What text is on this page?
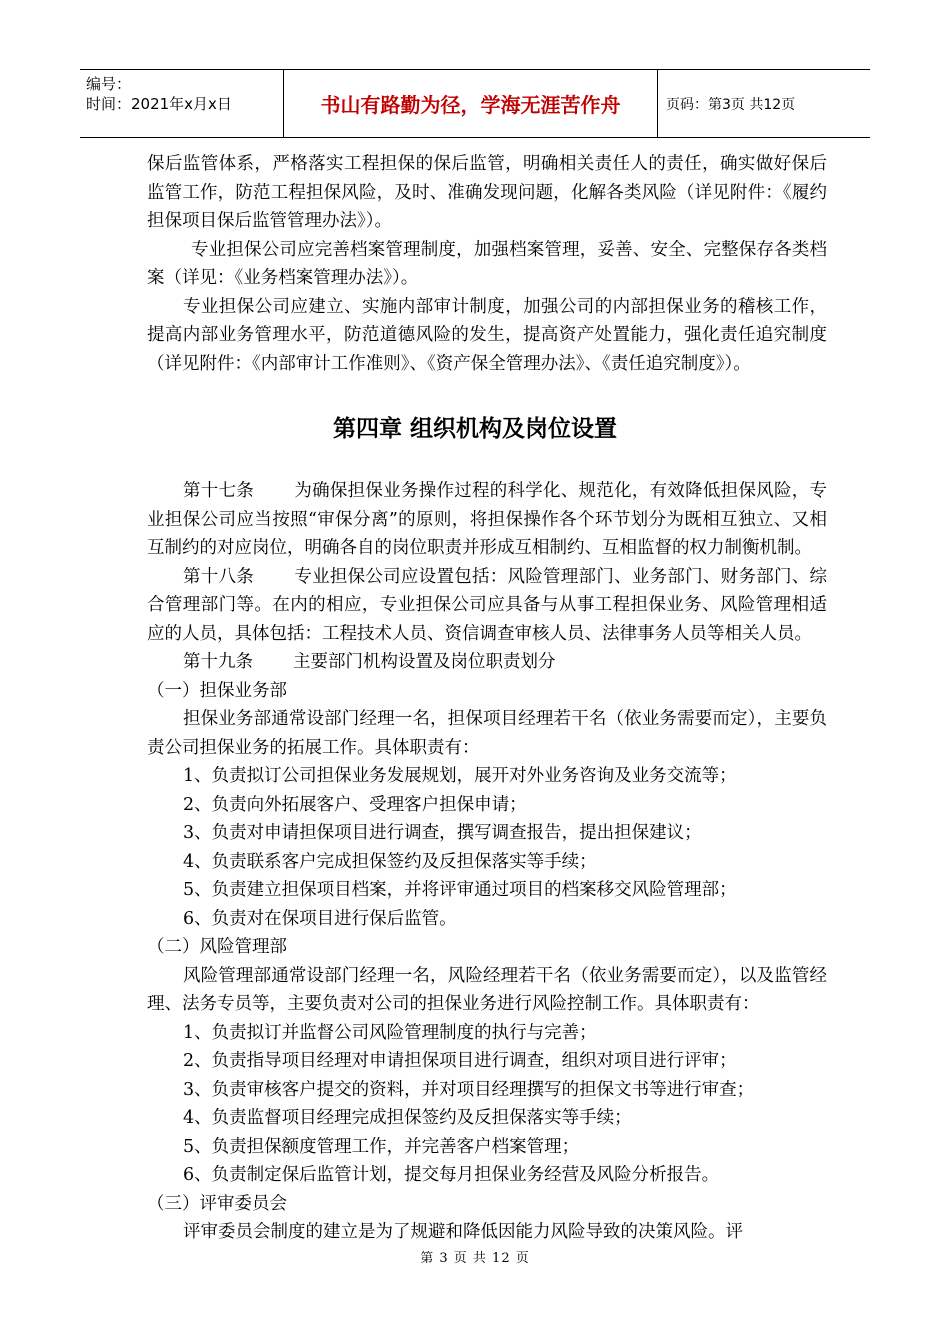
编号：
时间：2021年x月x日	书山有路勤为径，学海无涯苦作舟	页码：第3页 共12页

保后监管体系，严格落实工程担保的保后监管，明确相关责任人的责任，确实做好保后监管工作，防范工程担保风险，及时、准确发现问题，化解各类风险（详见附件：《履约担保项目保后监管管理办法》）。

专业担保公司应完善档案管理制度，加强档案管理，妥善、安全、完整保存各类档案（详见：《业务档案管理办法》）。

专业担保公司应建立、实施内部审计制度，加强公司的内部担保业务的稽核工作，提高内部业务管理水平，防范道德风险的发生，提高资产处置能力，强化责任追究制度（详见附件：《内部审计工作准则》、《资产保全管理办法》、《责任追究制度》）。

第四章 组织机构及岗位设置

第十七条 为确保担保业务操作过程的科学化、规范化，有效降低担保风险，专业担保公司应当按照“审保分离”的原则，将担保操作各个环节划分为既相互独立、又相互制约的对应岗位，明确各自的岗位职责并形成互相制约、互相监督的权力制衡机制。

第十八条 专业担保公司应设置包括：风险管理部门、业务部门、财务部门、综合管理部门等。在内的相应，专业担保公司应具备与从事工程担保业务、风险管理相适应的人员，具体包括：工程技术人员、资信调查审核人员、法律事务人员等相关人员。

第十九条 主要部门机构设置及岗位职责划分

（一）担保业务部

担保业务部通常设部门经理一名，担保项目经理若干名（依业务需要而定），主要负责公司担保业务的拓展工作。具体职责有：

1、负责拟订公司担保业务发展规划，展开对外业务咨询及业务交流等；

2、负责向外拓展客户、受理客户担保申请；

3、负责对申请担保项目进行调查，撰写调查报告，提出担保建议；

4、负责联系客户完成担保签约及反担保落实等手续；

5、负责建立担保项目档案，并将评审通过项目的档案移交风险管理部；

6、负责对在保项目进行保后监管。

（二）风险管理部

风险管理部通常设部门经理一名，风险经理若干名（依业务需要而定），以及监管经理、法务专员等，主要负责对公司的担保业务进行风险控制工作。具体职责有：

1、负责拟订并监督公司风险管理制度的执行与完善；

2、负责指导项目经理对申请担保项目进行调查，组织对项目进行评审；

3、负责审核客户提交的资料，并对项目经理撰写的担保文书等进行审查；

4、负责监督项目经理完成担保签约及反担保落实等手续；

5、负责担保额度管理工作，并完善客户档案管理；

6、负责制定保后监管计划，提交每月担保业务经营及风险分析报告。

（三）评审委员会

评审委员会制度的建立是为了规避和降低因能力风险导致的决策风险。评

第 3 页 共 12 页
